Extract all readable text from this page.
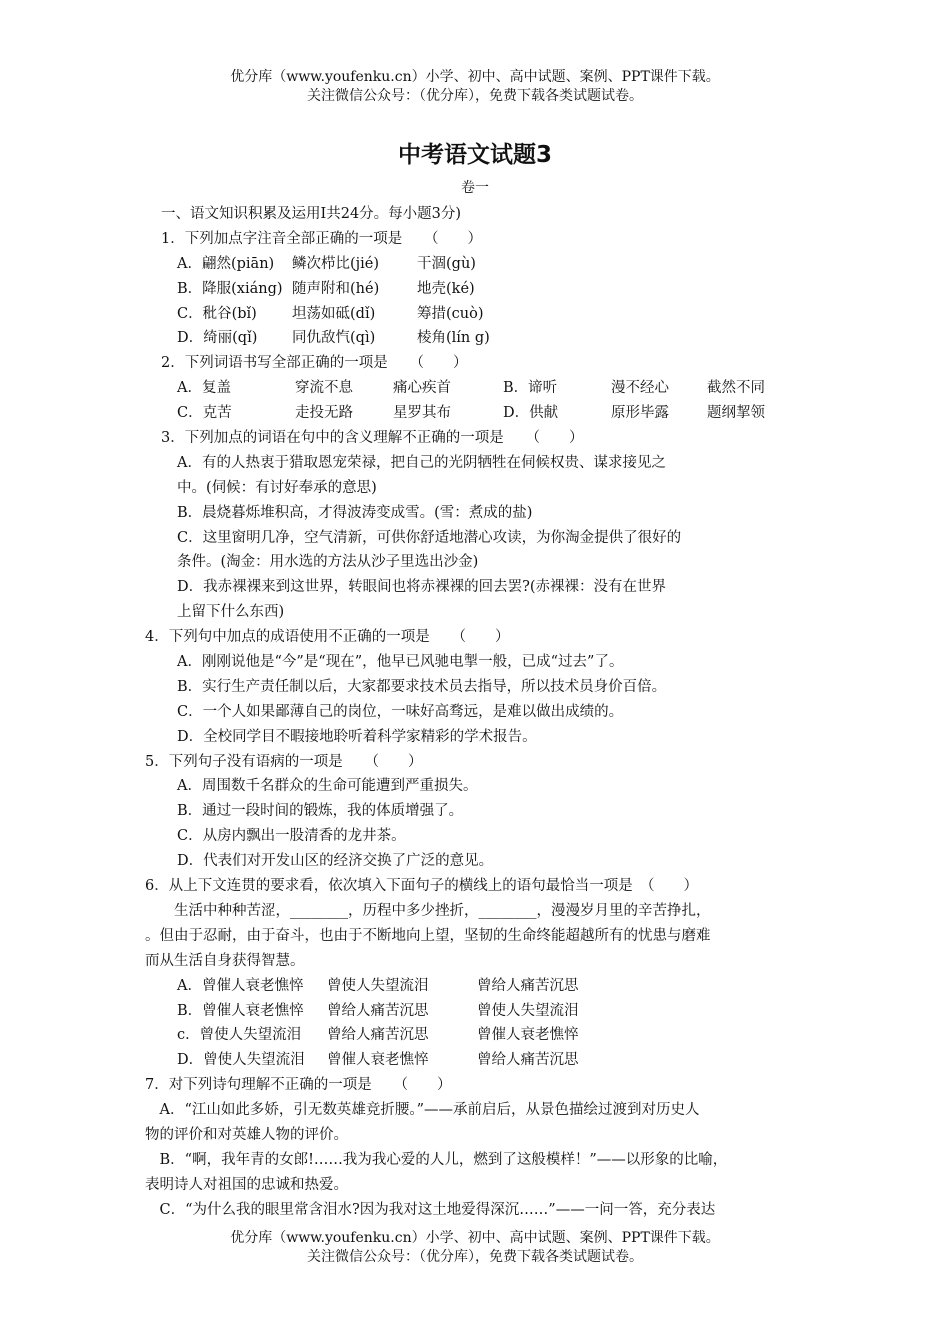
优分库（www.youfenku.cn）小学、初中、高中试题、案例、PPT课件下载。
关注微信公众号：（优分库），免费下载各类试题试卷。
中考语文试题3
卷一
一、语文知识积累及运用Ⅰ共24分。每小题3分)
1．下列加点字注音全部正确的一项是　　（　　）
A．翩然(piān) 鳞次栉比(jié)	干涸(gù)
B．降服(xiáng) 随声附和(hé)	地壳(ké)
C．秕谷(bǐ) 坦荡如砥(dǐ)	筹措(cuò)
D．绮丽(qǐ) 同仇敌忾(qì)	棱角(lín g)
2．下列词语书写全部正确的一项是　　（　　）
A．复盖	穿流不息	痛心疾首	B．谛听	漫不经心	截然不同
C．克苦	走投无路	星罗其布	D．供献	原形毕露	题纲挈领
3．下列加点的词语在句中的含义理解不正确的一项是　　（　　）
A．有的人热衷于猎取恩宠荣禄，把自己的光阴牺牲在伺候权贵、谋求接见之
中。(伺候：有讨好奉承的意思)
B．晨烧暮烁堆积高，才得波涛变成雪。(雪：煮成的盐)
C．这里窗明几净，空气清新，可供你舒适地潜心攻读，为你淘金提供了很好的
条件。(淘金：用水选的方法从沙子里选出沙金)
D．我赤裸裸来到这世界，转眼间也将赤裸裸的回去罢?(赤裸裸：没有在世界
上留下什么东西)
4．下列句中加点的成语使用不正确的一项是　　（　　）
A．刚刚说他是“今”是“现在”，他早已风驰电掣一般，已成“过去”了。
B．实行生产责任制以后，大家都要求技术员去指导，所以技术员身价百倍。
C．一个人如果鄙薄自己的岗位，一味好高骛远，是难以做出成绩的。
D．全校同学目不暇接地聆听着科学家精彩的学术报告。
5．下列句子没有语病的一项是　　（　　）
A．周围数千名群众的生命可能遭到严重损失。
B．通过一段时间的锻炼，我的体质增强了。
C．从房内飘出一股清香的龙井茶。
D．代表们对开发山区的经济交换了广泛的意见。
6．从上下文连贯的要求看，依次填入下面句子的横线上的语句最恰当一项是　（　　）
　　生活中种种苦涩，________，历程中多少挫折，________，漫漫岁月里的辛苦挣扎，
。但由于忍耐，由于奋斗，也由于不断地向上望，坚韧的生命终能超越所有的忧患与磨难
而从生活自身获得智慧。
A．曾催人衰老憔悴 曾使人失望流泪	曾给人痛苦沉思
B．曾催人衰老憔悴 曾给人痛苦沉思	曾使人失望流泪
c．曾使人失望流泪 曾给人痛苦沉思	曾催人衰老憔悴
D．曾使人失望流泪 曾催人衰老憔悴	曾给人痛苦沉思
7．对下列诗句理解不正确的一项是　　（　　）
　A．“江山如此多娇，引无数英雄竞折腰。”——承前启后，从景色描绘过渡到对历史人
物的评价和对英雄人物的评价。
　B．“啊，我年青的女郎!……我为我心爱的人儿，燃到了这般模样！”——以形象的比喻，
表明诗人对祖国的忠诚和热爱。
　C．“为什么我的眼里常含泪水?因为我对这土地爱得深沉……”——一问一答，充分表达
优分库（www.youfenku.cn）小学、初中、高中试题、案例、PPT课件下载。
关注微信公众号：（优分库），免费下载各类试题试卷。
